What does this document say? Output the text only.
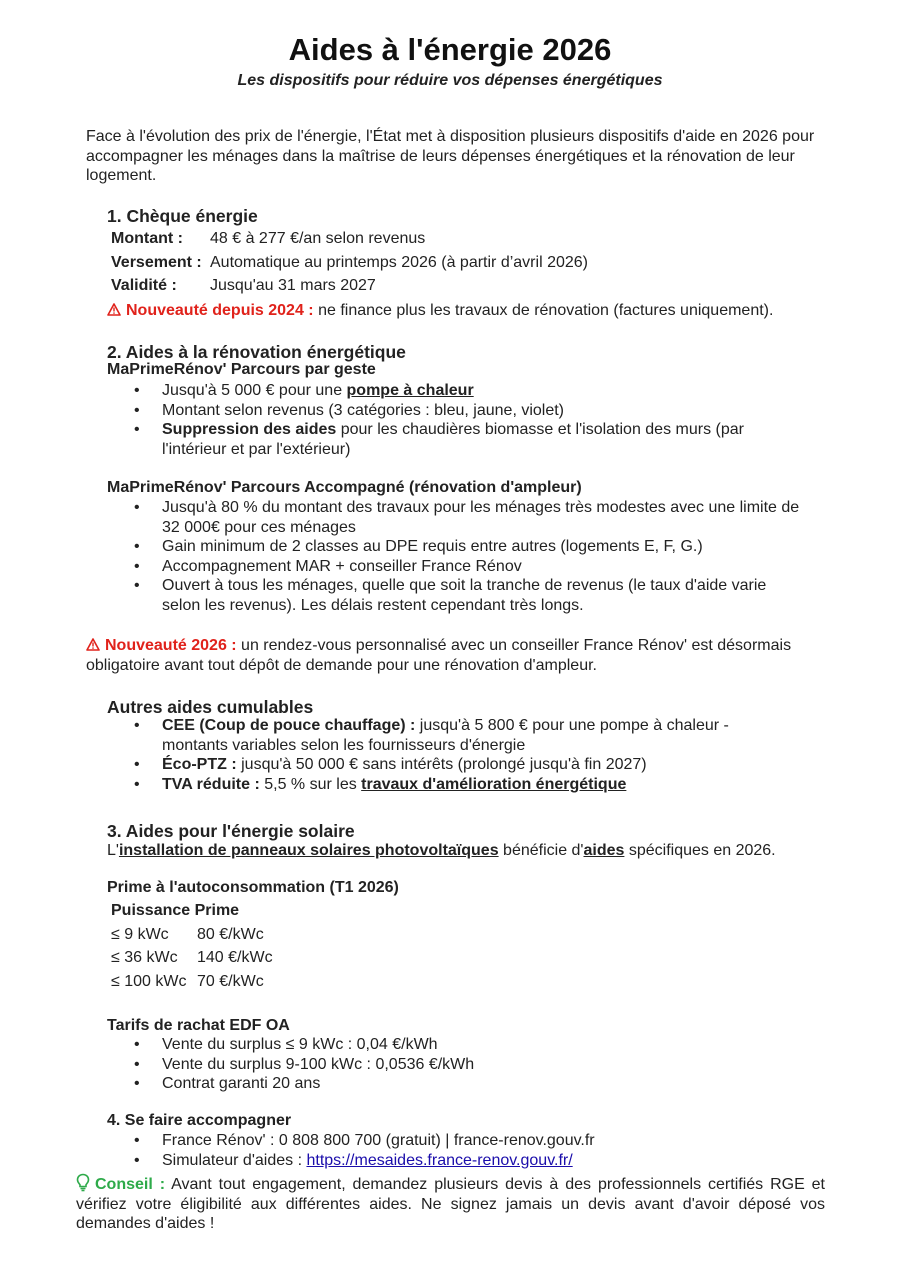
Aides à l'énergie 2026
Les dispositifs pour réduire vos dépenses énergétiques
Face à l'évolution des prix de l'énergie, l'État met à disposition plusieurs dispositifs d'aide en 2026 pour accompagner les ménages dans la maîtrise de leurs dépenses énergétiques et la rénovation de leur logement.
1. Chèque énergie
Montant : 48 € à 277 €/an selon revenus
Versement : Automatique au printemps 2026 (à partir d’avril 2026)
Validité : Jusqu'au 31 mars 2027
Nouveauté depuis 2024 : ne finance plus les travaux de rénovation (factures uniquement).
2. Aides à la rénovation énergétique
MaPrimeRénov' Parcours par geste
• Jusqu'à 5 000 € pour une pompe à chaleur
• Montant selon revenus (3 catégories : bleu, jaune, violet)
• Suppression des aides pour les chaudières biomasse et l'isolation des murs (par l'intérieur et par l'extérieur)
MaPrimeRénov' Parcours Accompagné (rénovation d'ampleur)
• Jusqu'à 80 % du montant des travaux pour les ménages très modestes avec une limite de 32 000€ pour ces ménages
• Gain minimum de 2 classes au DPE requis entre autres (logements E, F, G.)
• Accompagnement MAR + conseiller France Rénov
• Ouvert à tous les ménages, quelle que soit la tranche de revenus (le taux d'aide varie selon les revenus). Les délais restent cependant très longs.
Nouveauté 2026 : un rendez-vous personnalisé avec un conseiller France Rénov' est désormais obligatoire avant tout dépôt de demande pour une rénovation d'ampleur.
Autres aides cumulables
• CEE (Coup de pouce chauffage) : jusqu'à 5 800 € pour une pompe à chaleur - montants variables selon les fournisseurs d'énergie
• Éco-PTZ : jusqu'à 50 000 € sans intérêts (prolongé jusqu'à fin 2027)
• TVA réduite : 5,5 % sur les travaux d'amélioration énergétique
3. Aides pour l'énergie solaire
L'installation de panneaux solaires photovoltaïques bénéficie d'aides spécifiques en 2026.
Prime à l'autoconsommation (T1 2026)
Puissance Prime
≤ 9 kWc 80 €/kWc
≤ 36 kWc 140 €/kWc
≤ 100 kWc 70 €/kWc
Tarifs de rachat EDF OA
• Vente du surplus ≤ 9 kWc : 0,04 €/kWh
• Vente du surplus 9-100 kWc : 0,0536 €/kWh
• Contrat garanti 20 ans
4. Se faire accompagner
• France Rénov' : 0 808 800 700 (gratuit) | france-renov.gouv.fr
• Simulateur d'aides : https://mesaides.france-renov.gouv.fr/
Conseil : Avant tout engagement, demandez plusieurs devis à des professionnels certifiés RGE et vérifiez votre éligibilité aux différentes aides. Ne signez jamais un devis avant d'avoir déposé vos demandes d'aides !
